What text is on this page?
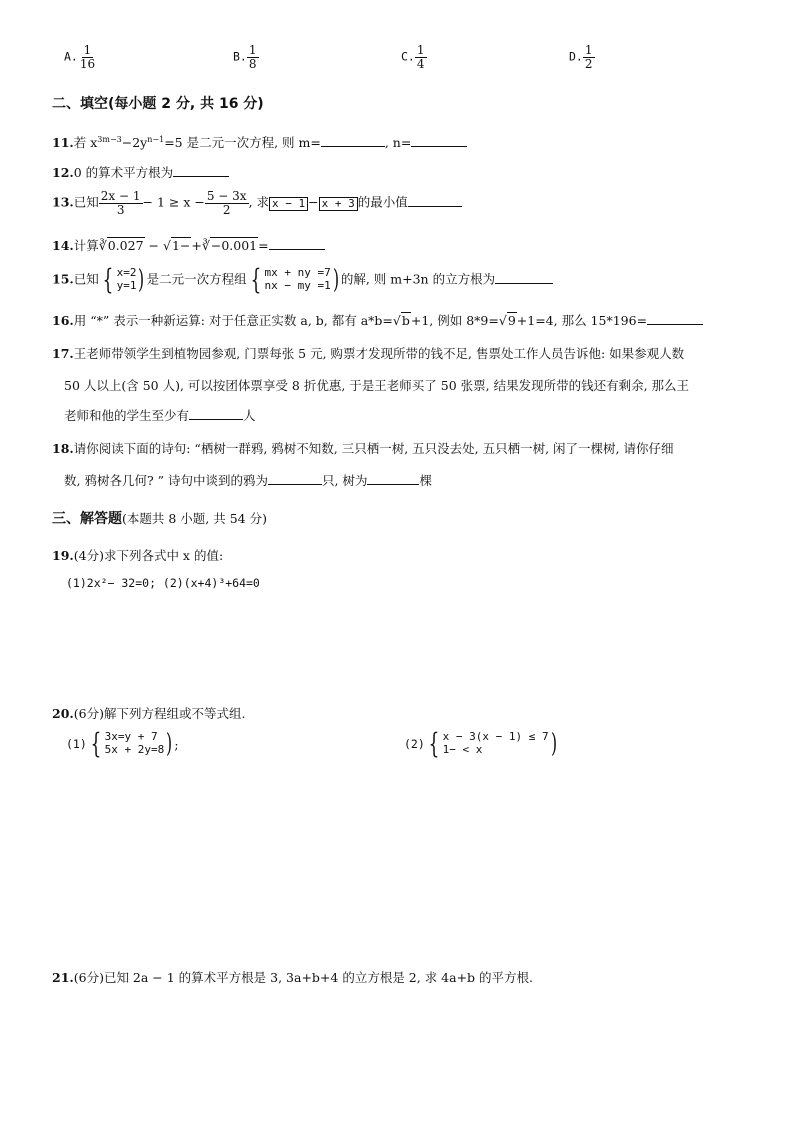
A. $\frac{1}{16}$	B. $\frac{1}{8}$	C. $\frac{1}{4}$	D. $\frac{1}{2}$
二、填空(每小题 2 分, 共 16 分)
11.若 $x^{3m-3}-2y^{n-1}=5$ 是二元一次方程, 则 m=	, n=
12.0 的算术平方根为
13.已知 $\frac{2x - 1}{3} - 1 \ge x - \frac{5 - 3x}{2}$ , 求 x − 1 − x + 3 的最小值
14.计算∛0.027 − √1−+∛−0.001=
15.已知 { x=2
y=1 ) 是二元一次方程组 { mx + ny =7
nx − my =1 ) 的解, 则 m+3n 的立方根为
16.用 “*” 表示一种新运算: 对于任意正实数 a, b, 都有 a*b=√b+1, 例如 8*9=√9+1=4, 那么 15*196=
17.王老师带领学生到植物园参观, 门票每张 5 元, 购票才发现所带的钱不足, 售票处工作人员告诉他: 如果参观人数
50 人以上(含 50 人), 可以按团体票享受 8 折优惠, 于是王老师买了 50 张票, 结果发现所带的钱还有剩余, 那么王
老师和他的学生至少有	人
18.请你阅读下面的诗句: “栖树一群鸦, 鸦树不知数, 三只栖一树, 五只没去处, 五只栖一树, 闲了一棵树, 请你仔细
数, 鸦树各几何? ” 诗句中谈到的鸦为	只, 树为	棵
三、解答题(本题共 8 小题, 共 54 分)
19.(4分)求下列各式中 x 的值:
(1)2x²− 32=0; (2)(x+4)³+64=0
20.(6分)解下列方程组或不等式组.
(1) { 3x=y + 7
5x + 2y=8 ) ;	(2) { x − 3(x − 1) ≤ 7
1− < x	)
21.(6分)已知 2a − 1 的算术平方根是 3, 3a+b+4 的立方根是 2, 求 4a+b 的平方根.
